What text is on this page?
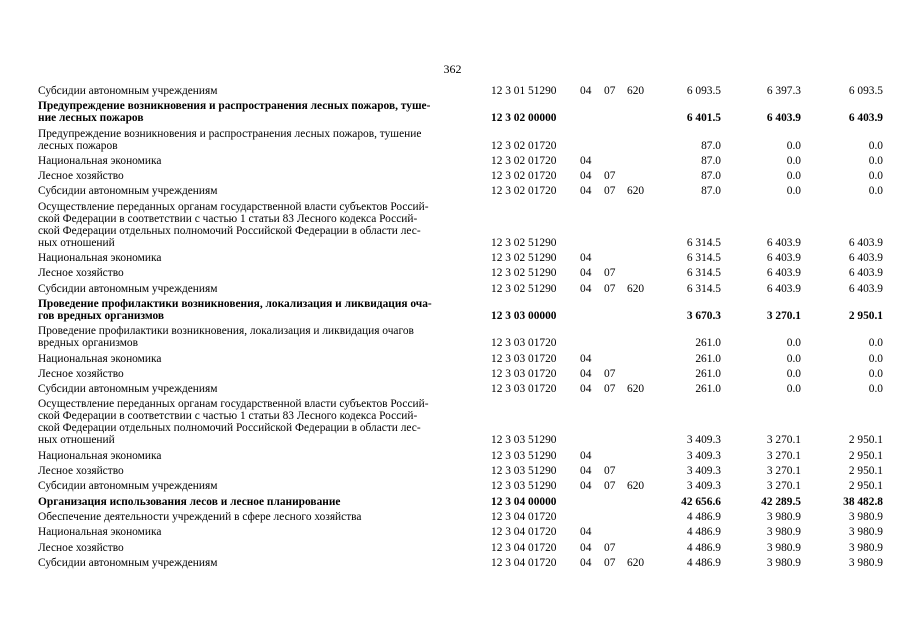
362
Субсидии автономным учреждениям	12 3 01 51290 04 07 620	6 093.5	6 397.3	6 093.5
Предупреждение возникновения и распространения лесных пожаров, туше-
ние лесных пожаров	12 3 02 00000	6 401.5	6 403.9	6 403.9
Предупреждение возникновения и распространения лесных пожаров, тушение
лесных пожаров	12 3 02 01720	87.0	0.0	0.0
Национальная экономика	12 3 02 01720 04	87.0	0.0	0.0
Лесное хозяйство	12 3 02 01720 04 07	87.0	0.0	0.0
Субсидии автономным учреждениям	12 3 02 01720 04 07 620	87.0	0.0	0.0
Осуществление переданных органам государственной власти субъектов Россий-
ской Федерации в соответствии с частью 1 статьи 83 Лесного кодекса Россий-
ской Федерации отдельных полномочий Российской Федерации в области лес-
ных отношений	12 3 02 51290	6 314.5	6 403.9	6 403.9
Национальная экономика	12 3 02 51290 04	6 314.5	6 403.9	6 403.9
Лесное хозяйство	12 3 02 51290 04 07	6 314.5	6 403.9	6 403.9
Субсидии автономным учреждениям	12 3 02 51290 04 07 620	6 314.5	6 403.9	6 403.9
Проведение профилактики возникновения, локализация и ликвидация оча-
гов вредных организмов	12 3 03 00000	3 670.3	3 270.1	2 950.1
Проведение профилактики возникновения, локализация и ликвидация очагов
вредных организмов	12 3 03 01720	261.0	0.0	0.0
Национальная экономика	12 3 03 01720 04	261.0	0.0	0.0
Лесное хозяйство	12 3 03 01720 04 07	261.0	0.0	0.0
Субсидии автономным учреждениям	12 3 03 01720 04 07 620	261.0	0.0	0.0
Осуществление переданных органам государственной власти субъектов Россий-
ской Федерации в соответствии с частью 1 статьи 83 Лесного кодекса Россий-
ской Федерации отдельных полномочий Российской Федерации в области лес-
ных отношений	12 3 03 51290	3 409.3	3 270.1	2 950.1
Национальная экономика	12 3 03 51290 04	3 409.3	3 270.1	2 950.1
Лесное хозяйство	12 3 03 51290 04 07	3 409.3	3 270.1	2 950.1
Субсидии автономным учреждениям	12 3 03 51290 04 07 620	3 409.3	3 270.1	2 950.1
Организация использования лесов и лесное планирование	12 3 04 00000	42 656.6	42 289.5	38 482.8
Обеспечение деятельности учреждений в сфере лесного хозяйства	12 3 04 01720	4 486.9	3 980.9	3 980.9
Национальная экономика	12 3 04 01720 04	4 486.9	3 980.9	3 980.9
Лесное хозяйство	12 3 04 01720 04 07	4 486.9	3 980.9	3 980.9
Субсидии автономным учреждениям	12 3 04 01720 04 07 620	4 486.9	3 980.9	3 980.9
